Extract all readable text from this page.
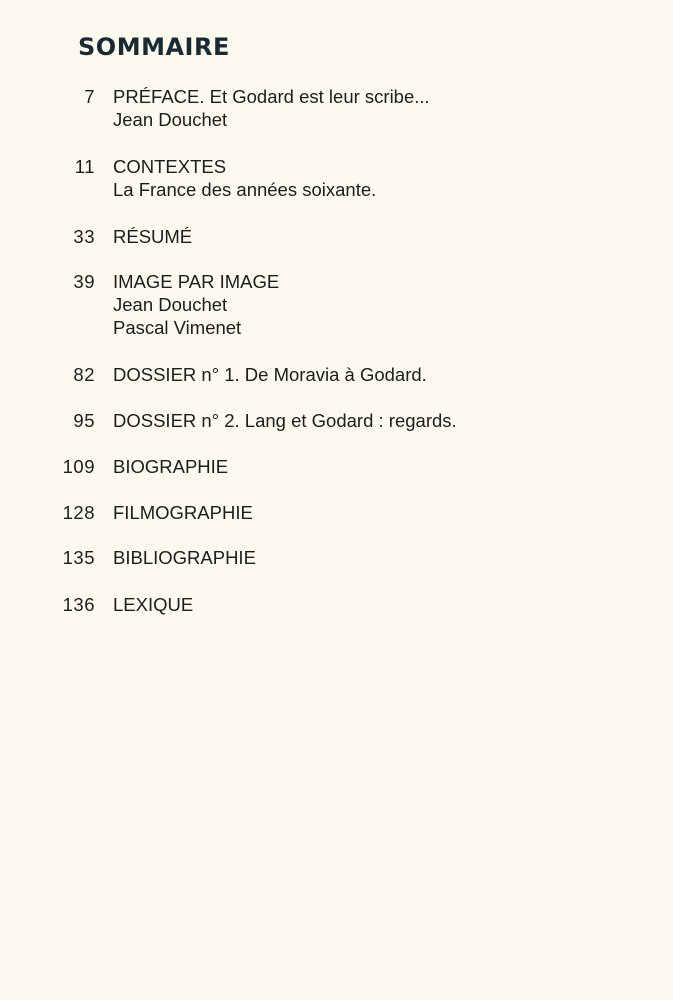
SOMMAIRE
7 PRÉFACE. Et Godard est leur scribe...
Jean Douchet
11 CONTEXTES
La France des années soixante.
33 RÉSUMÉ
39 IMAGE PAR IMAGE
Jean Douchet
Pascal Vimenet
82 DOSSIER n° 1. De Moravia à Godard.
95 DOSSIER n° 2. Lang et Godard : regards.
109 BIOGRAPHIE
128 FILMOGRAPHIE
135 BIBLIOGRAPHIE
136 LEXIQUE
